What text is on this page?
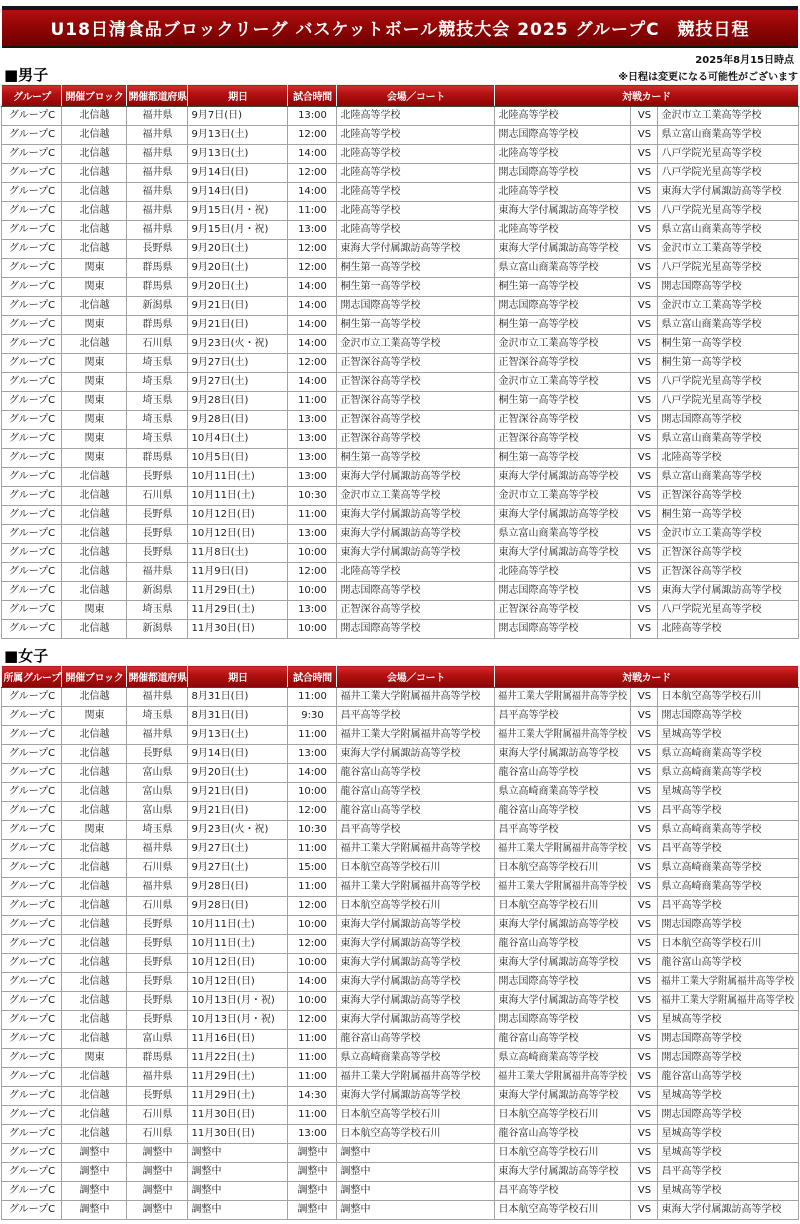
U18日清食品ブロックリーグ バスケットボール競技大会 2025 グループC　競技日程
2025年8月15日時点
■男子	※日程は変更になる可能性がございます
グループ	開催ブロック	開催都道府県	期日	試合時間	会場／コート	対戦カード		
グループC	北信越	福井県	9月7日(日)	13:00	北陸高等学校	北陸高等学校	VS	金沢市立工業高等学校
グループC	北信越	福井県	9月13日(土)	12:00	北陸高等学校	開志国際高等学校	VS	県立富山商業高等学校
グループC	北信越	福井県	9月13日(土)	14:00	北陸高等学校	北陸高等学校	VS	八戸学院光星高等学校
グループC	北信越	福井県	9月14日(日)	12:00	北陸高等学校	開志国際高等学校	VS	八戸学院光星高等学校
グループC	北信越	福井県	9月14日(日)	14:00	北陸高等学校	北陸高等学校	VS	東海大学付属諏訪高等学校
グループC	北信越	福井県	9月15日(月・祝)	11:00	北陸高等学校	東海大学付属諏訪高等学校	VS	八戸学院光星高等学校
グループC	北信越	福井県	9月15日(月・祝)	13:00	北陸高等学校	北陸高等学校	VS	県立富山商業高等学校
グループC	北信越	長野県	9月20日(土)	12:00	東海大学付属諏訪高等学校	東海大学付属諏訪高等学校	VS	金沢市立工業高等学校
グループC	関東	群馬県	9月20日(土)	12:00	桐生第一高等学校	県立富山商業高等学校	VS	八戸学院光星高等学校
グループC	関東	群馬県	9月20日(土)	14:00	桐生第一高等学校	桐生第一高等学校	VS	開志国際高等学校
グループC	北信越	新潟県	9月21日(日)	14:00	開志国際高等学校	開志国際高等学校	VS	金沢市立工業高等学校
グループC	関東	群馬県	9月21日(日)	14:00	桐生第一高等学校	桐生第一高等学校	VS	県立富山商業高等学校
グループC	北信越	石川県	9月23日(火・祝)	14:00	金沢市立工業高等学校	金沢市立工業高等学校	VS	桐生第一高等学校
グループC	関東	埼玉県	9月27日(土)	12:00	正智深谷高等学校	正智深谷高等学校	VS	桐生第一高等学校
グループC	関東	埼玉県	9月27日(土)	14:00	正智深谷高等学校	金沢市立工業高等学校	VS	八戸学院光星高等学校
グループC	関東	埼玉県	9月28日(日)	11:00	正智深谷高等学校	桐生第一高等学校	VS	八戸学院光星高等学校
グループC	関東	埼玉県	9月28日(日)	13:00	正智深谷高等学校	正智深谷高等学校	VS	開志国際高等学校
グループC	関東	埼玉県	10月4日(土)	13:00	正智深谷高等学校	正智深谷高等学校	VS	県立富山商業高等学校
グループC	関東	群馬県	10月5日(日)	13:00	桐生第一高等学校	桐生第一高等学校	VS	北陸高等学校
グループC	北信越	長野県	10月11日(土)	13:00	東海大学付属諏訪高等学校	東海大学付属諏訪高等学校	VS	県立富山商業高等学校
グループC	北信越	石川県	10月11日(土)	10:30	金沢市立工業高等学校	金沢市立工業高等学校	VS	正智深谷高等学校
グループC	北信越	長野県	10月12日(日)	11:00	東海大学付属諏訪高等学校	東海大学付属諏訪高等学校	VS	桐生第一高等学校
グループC	北信越	長野県	10月12日(日)	13:00	東海大学付属諏訪高等学校	県立富山商業高等学校	VS	金沢市立工業高等学校
グループC	北信越	長野県	11月8日(土)	10:00	東海大学付属諏訪高等学校	東海大学付属諏訪高等学校	VS	正智深谷高等学校
グループC	北信越	福井県	11月9日(日)	12:00	北陸高等学校	北陸高等学校	VS	正智深谷高等学校
グループC	北信越	新潟県	11月29日(土)	10:00	開志国際高等学校	開志国際高等学校	VS	東海大学付属諏訪高等学校
グループC	関東	埼玉県	11月29日(土)	13:00	正智深谷高等学校	正智深谷高等学校	VS	八戸学院光星高等学校
グループC	北信越	新潟県	11月30日(日)	10:00	開志国際高等学校	開志国際高等学校	VS	北陸高等学校
■女子
所属グループ	開催ブロック	開催都道府県	期日	試合時間	会場／コート	対戦カード		
グループC	北信越	福井県	8月31日(日)	11:00	福井工業大学附属福井高等学校	福井工業大学附属福井高等学校	VS	日本航空高等学校石川
グループC	関東	埼玉県	8月31日(日)	9:30	昌平高等学校	昌平高等学校	VS	開志国際高等学校
グループC	北信越	福井県	9月13日(土)	11:00	福井工業大学附属福井高等学校	福井工業大学附属福井高等学校	VS	星城高等学校
グループC	北信越	長野県	9月14日(日)	13:00	東海大学付属諏訪高等学校	東海大学付属諏訪高等学校	VS	県立高崎商業高等学校
グループC	北信越	富山県	9月20日(土)	14:00	龍谷富山高等学校	龍谷富山高等学校	VS	県立高崎商業高等学校
グループC	北信越	富山県	9月21日(日)	10:00	龍谷富山高等学校	県立高崎商業高等学校	VS	星城高等学校
グループC	北信越	富山県	9月21日(日)	12:00	龍谷富山高等学校	龍谷富山高等学校	VS	昌平高等学校
グループC	関東	埼玉県	9月23日(火・祝)	10:30	昌平高等学校	昌平高等学校	VS	県立高崎商業高等学校
グループC	北信越	福井県	9月27日(土)	11:00	福井工業大学附属福井高等学校	福井工業大学附属福井高等学校	VS	昌平高等学校
グループC	北信越	石川県	9月27日(土)	15:00	日本航空高等学校石川	日本航空高等学校石川	VS	県立高崎商業高等学校
グループC	北信越	福井県	9月28日(日)	11:00	福井工業大学附属福井高等学校	福井工業大学附属福井高等学校	VS	県立高崎商業高等学校
グループC	北信越	石川県	9月28日(日)	12:00	日本航空高等学校石川	日本航空高等学校石川	VS	昌平高等学校
グループC	北信越	長野県	10月11日(土)	10:00	東海大学付属諏訪高等学校	東海大学付属諏訪高等学校	VS	開志国際高等学校
グループC	北信越	長野県	10月11日(土)	12:00	東海大学付属諏訪高等学校	龍谷富山高等学校	VS	日本航空高等学校石川
グループC	北信越	長野県	10月12日(日)	10:00	東海大学付属諏訪高等学校	東海大学付属諏訪高等学校	VS	龍谷富山高等学校
グループC	北信越	長野県	10月12日(日)	14:00	東海大学付属諏訪高等学校	開志国際高等学校	VS	福井工業大学附属福井高等学校
グループC	北信越	長野県	10月13日(月・祝)	10:00	東海大学付属諏訪高等学校	東海大学付属諏訪高等学校	VS	福井工業大学附属福井高等学校
グループC	北信越	長野県	10月13日(月・祝)	12:00	東海大学付属諏訪高等学校	開志国際高等学校	VS	星城高等学校
グループC	北信越	富山県	11月16日(日)	11:00	龍谷富山高等学校	龍谷富山高等学校	VS	開志国際高等学校
グループC	関東	群馬県	11月22日(土)	11:00	県立高崎商業高等学校	県立高崎商業高等学校	VS	開志国際高等学校
グループC	北信越	福井県	11月29日(土)	11:00	福井工業大学附属福井高等学校	福井工業大学附属福井高等学校	VS	龍谷富山高等学校
グループC	北信越	長野県	11月29日(土)	14:30	東海大学付属諏訪高等学校	東海大学付属諏訪高等学校	VS	星城高等学校
グループC	北信越	石川県	11月30日(日)	11:00	日本航空高等学校石川	日本航空高等学校石川	VS	開志国際高等学校
グループC	北信越	石川県	11月30日(日)	13:00	日本航空高等学校石川	龍谷富山高等学校	VS	星城高等学校
グループC	調整中	調整中	調整中	調整中	調整中	日本航空高等学校石川	VS	星城高等学校
グループC	調整中	調整中	調整中	調整中	調整中	東海大学付属諏訪高等学校	VS	昌平高等学校
グループC	調整中	調整中	調整中	調整中	調整中	昌平高等学校	VS	星城高等学校
グループC	調整中	調整中	調整中	調整中	調整中	日本航空高等学校石川	VS	東海大学付属諏訪高等学校
